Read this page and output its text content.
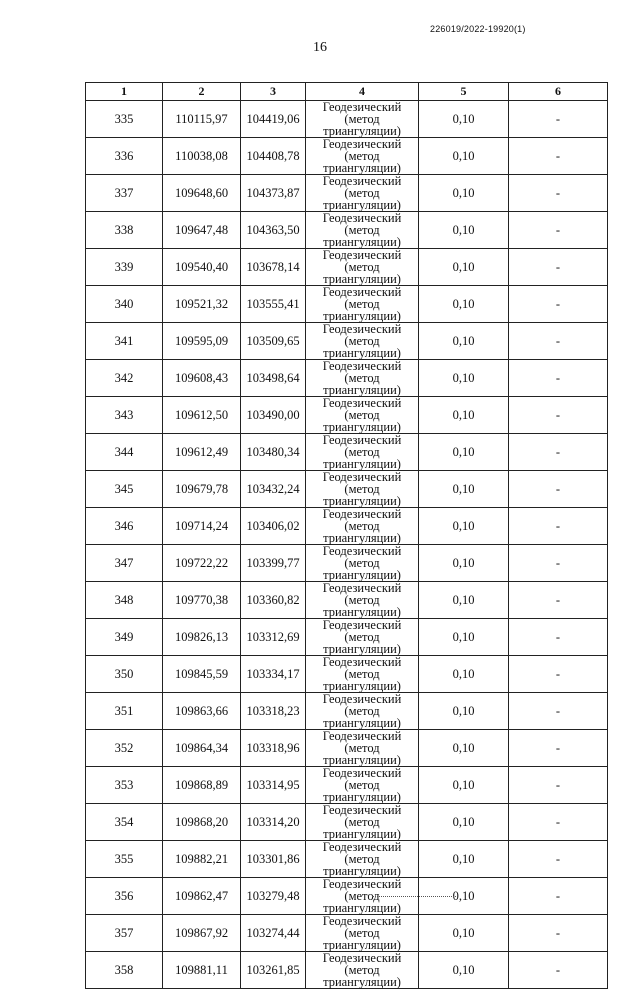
226019/2022-19920(1)
16
1	2	3	4	5	6
335	110115,97	104419,06	Геодезический
(метод триангуляции)	0,10	-
336	110038,08	104408,78	Геодезический
(метод триангуляции)	0,10	-
337	109648,60	104373,87	Геодезический
(метод триангуляции)	0,10	-
338	109647,48	104363,50	Геодезический
(метод триангуляции)	0,10	-
339	109540,40	103678,14	Геодезический
(метод триангуляции)	0,10	-
340	109521,32	103555,41	Геодезический
(метод триангуляции)	0,10	-
341	109595,09	103509,65	Геодезический
(метод триангуляции)	0,10	-
342	109608,43	103498,64	Геодезический
(метод триангуляции)	0,10	-
343	109612,50	103490,00	Геодезический
(метод триангуляции)	0,10	-
344	109612,49	103480,34	Геодезический
(метод триангуляции)	0,10	-
345	109679,78	103432,24	Геодезический
(метод триангуляции)	0,10	-
346	109714,24	103406,02	Геодезический
(метод триангуляции)	0,10	-
347	109722,22	103399,77	Геодезический
(метод триангуляции)	0,10	-
348	109770,38	103360,82	Геодезический
(метод триангуляции)	0,10	-
349	109826,13	103312,69	Геодезический
(метод триангуляции)	0,10	-
350	109845,59	103334,17	Геодезический
(метод триангуляции)	0,10	-
351	109863,66	103318,23	Геодезический
(метод триангуляции)	0,10	-
352	109864,34	103318,96	Геодезический
(метод триангуляции)	0,10	-
353	109868,89	103314,95	Геодезический
(метод триангуляции)	0,10	-
354	109868,20	103314,20	Геодезический
(метод триангуляции)	0,10	-
355	109882,21	103301,86	Геодезический
(метод триангуляции)	0,10	-
356	109862,47	103279,48	Геодезический
(метод триангуляции)	0,10	-
357	109867,92	103274,44	Геодезический
(метод триангуляции)	0,10	-
358	109881,11	103261,85	Геодезический
(метод триангуляции)	0,10	-
